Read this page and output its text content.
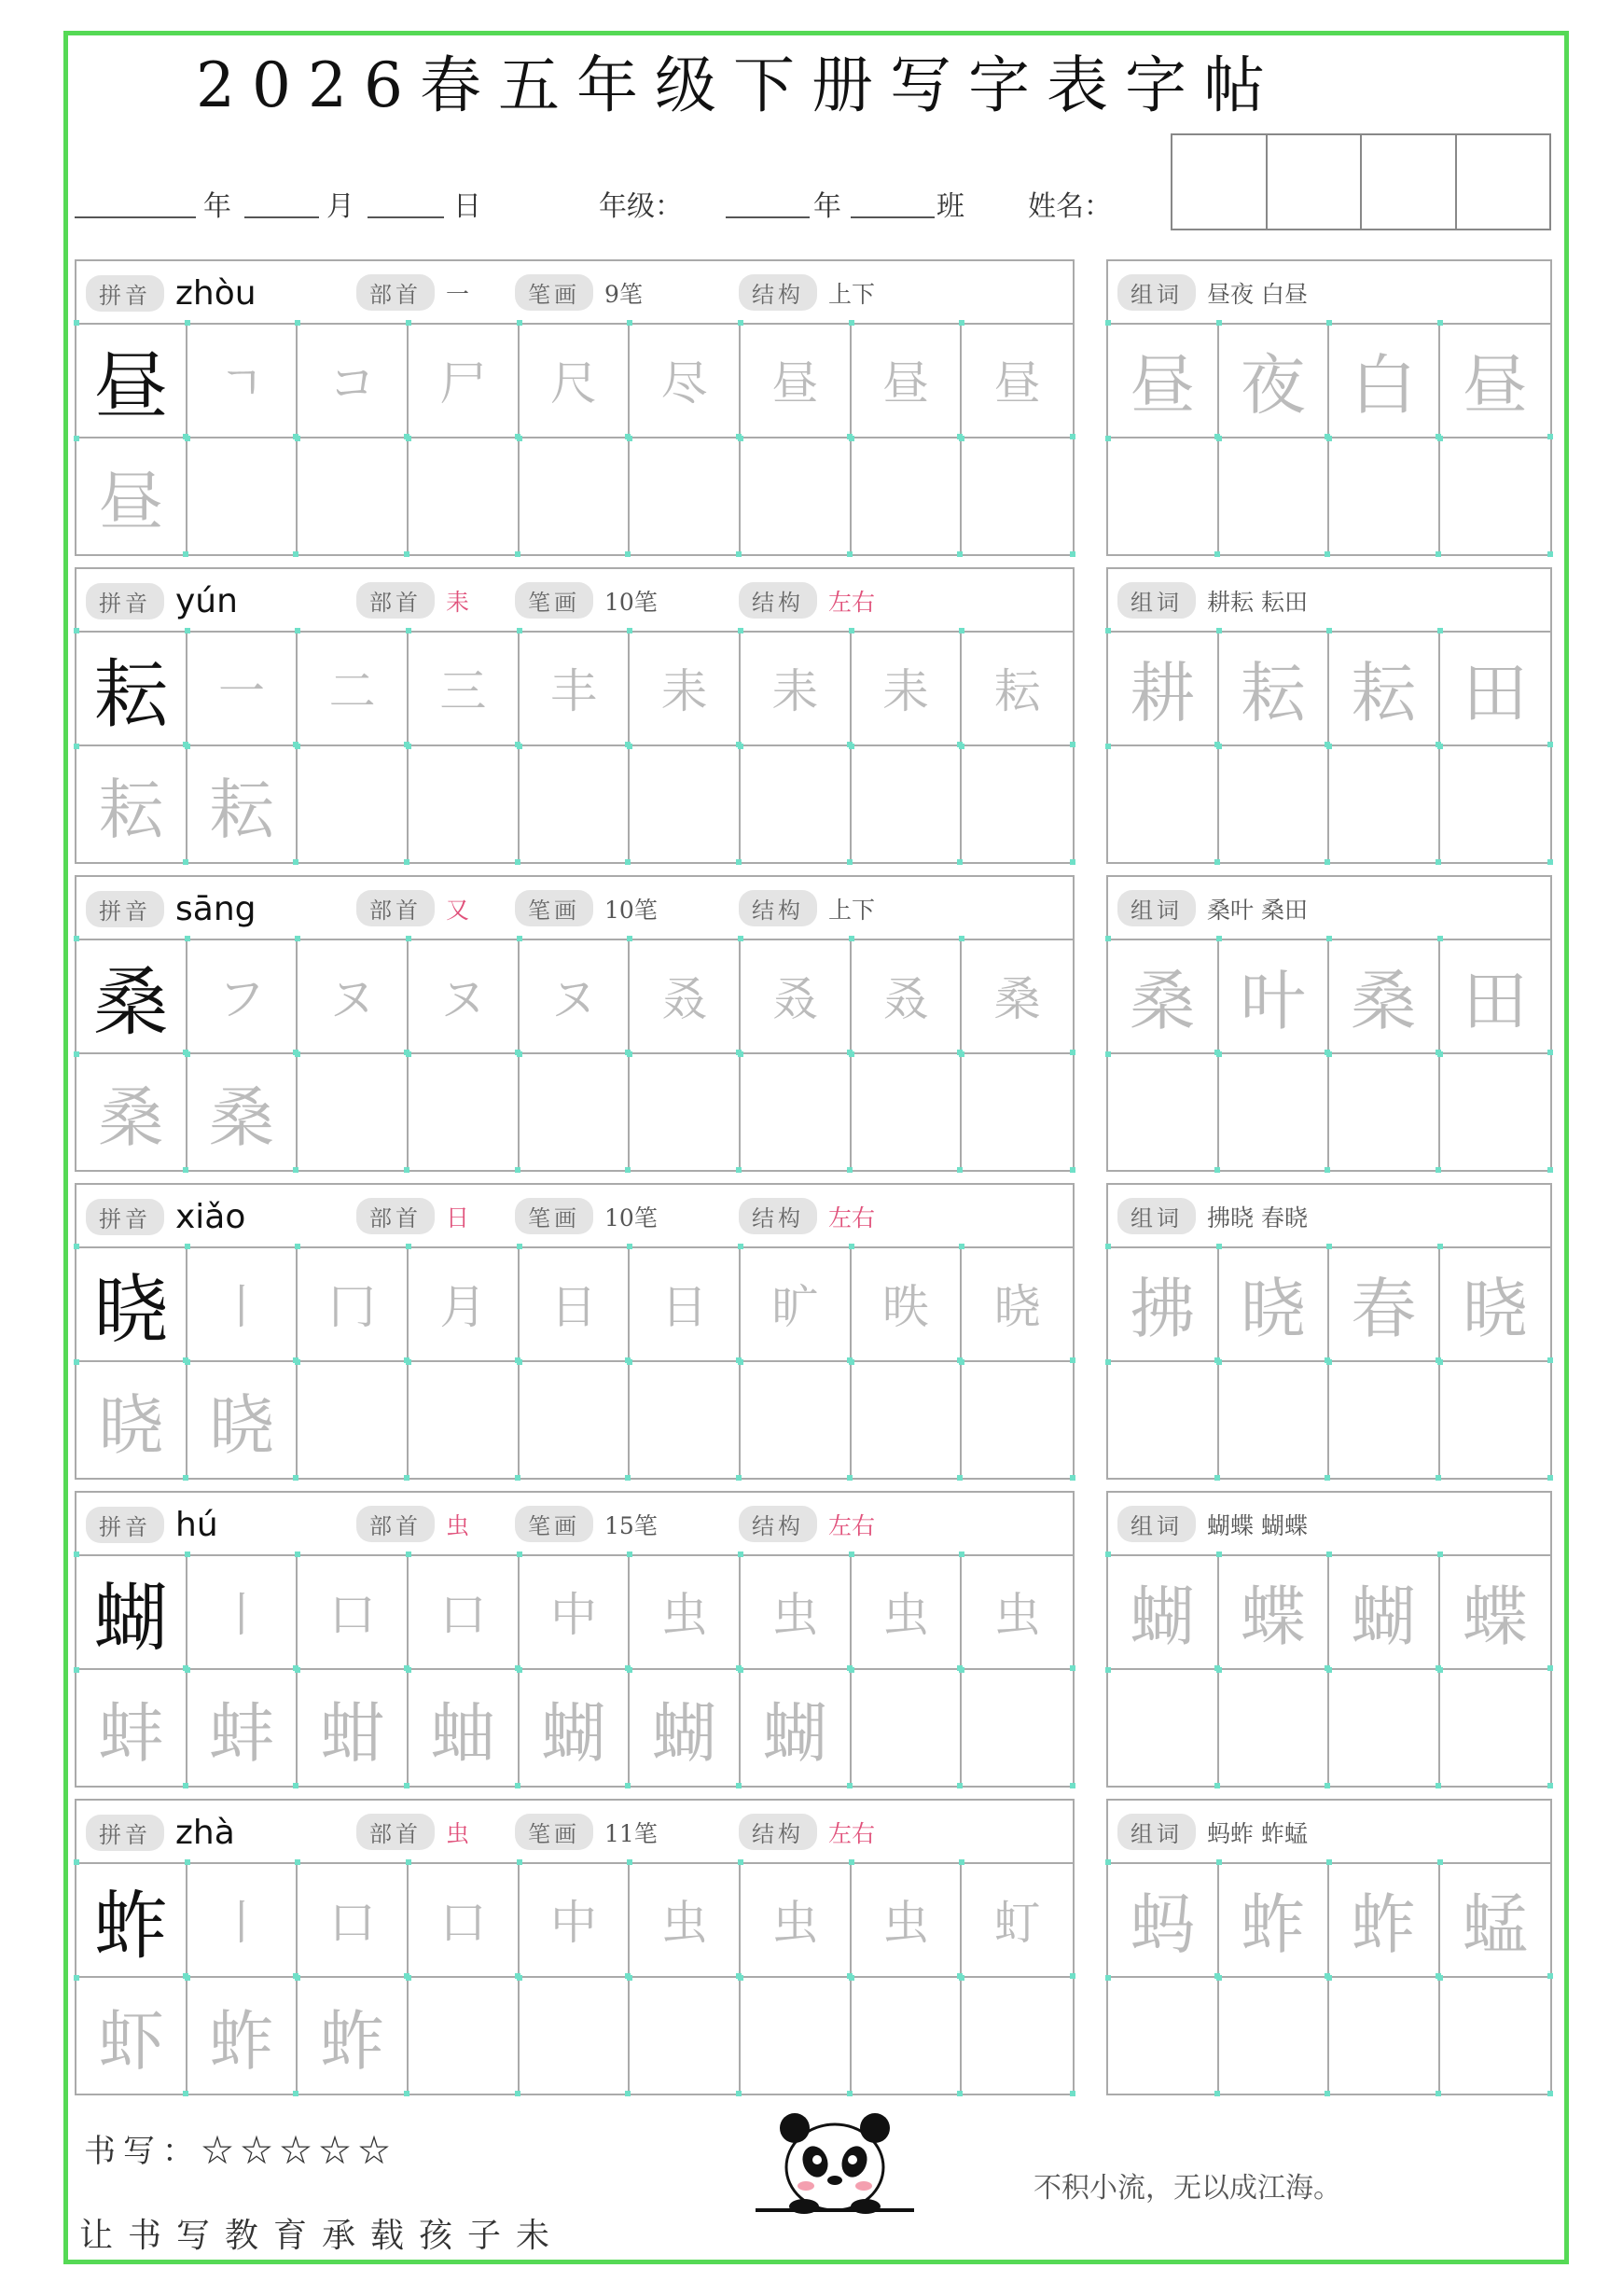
2026春五年级下册写字表字帖
年	月	日	年级：	年	班 姓名：
拼音 zhòu	部首	一	笔画	9笔	结构	上下
昼	ㄱ	コ	尸	尺	尽	昼	昼	昼
昼
组词	昼夜 白昼
昼 夜 白 昼
拼音 yún	部首	耒	笔画	10笔	结构	左右
耘	一	二	三	丰	耒	耒	耒	耘
耘 耘
组词	耕耘 耘田
耕 耘 耘 田
拼音 sāng	部首	又	笔画	10笔	结构	上下
桑	フ	ヌ	ヌ	ヌ	叒	叒	叒	桑
桑 桑
组词	桑叶 桑田
桑 叶 桑 田
拼音 xiǎo	部首	日	笔画	10笔	结构	左右
晓	丨	冂	月	日	日	旷	昳	晓
晓 晓
组词	拂晓 春晓
拂 晓 春 晓
拼音 hú	部首	虫	笔画	15笔	结构	左右
蝴	丨	口	口	中	虫	虫	虫	虫
蚌 蚌 蚶 蚰 蝴 蝴 蝴
组词	蝴蝶 蝴蝶
蝴 蝶 蝴 蝶
拼音 zhà	部首	虫	笔画	11笔	结构	左右
蚱	丨	口	口	中	虫	虫	虫	虰
虾 蚱 蚱
组词	蚂蚱 蚱蜢
蚂 蚱 蚱 蜢
书写：☆☆☆☆☆
让书写教育承载孩子未
不积小流，无以成江海。
